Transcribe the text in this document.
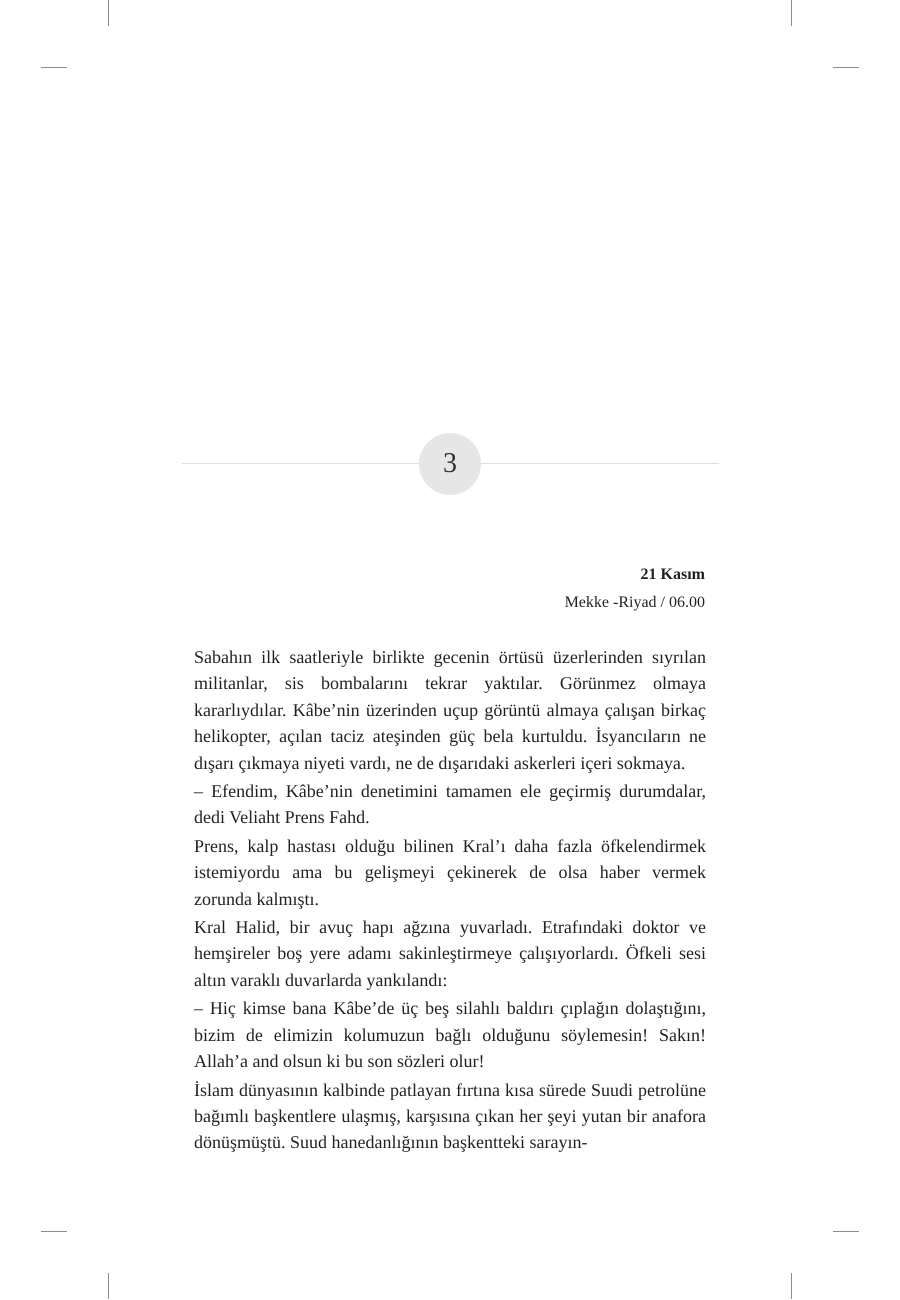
3
21 Kasım
Mekke -Riyad / 06.00

Sabahın ilk saatleriyle birlikte gecenin örtüsü üzerlerinden sıyrılan militanlar, sis bombalarını tekrar yaktılar. Görünmez olmaya kararlıydılar. Kâbe’nin üzerinden uçup görüntü almaya çalışan birkaç helikopter, açılan taciz ateşinden güç bela kurtuldu. İsyancıların ne dışarı çıkmaya niyeti vardı, ne de dışarıdaki askerleri içeri sokmaya.

– Efendim, Kâbe’nin denetimini tamamen ele geçirmiş durumdalar, dedi Veliaht Prens Fahd.

Prens, kalp hastası olduğu bilinen Kral’ı daha fazla öfkelendirmek istemiyordu ama bu gelişmeyi çekinerek de olsa haber vermek zorunda kalmıştı.

Kral Halid, bir avuç hapı ağzına yuvarladı. Etrafındaki doktor ve hemşireler boş yere adamı sakinleştirmeye çalışıyorlardı. Öfkeli sesi altın varaklı duvarlarda yankılandı:

– Hiç kimse bana Kâbe’de üç beş silahlı baldırı çıplağın dolaştığını, bizim de elimizin kolumuzun bağlı olduğunu söylemesin! Sakın! Allah’a and olsun ki bu son sözleri olur!

İslam dünyasının kalbinde patlayan fırtına kısa sürede Suudi petrolüne bağımlı başkentlere ulaşmış, karşısına çıkan her şeyi yutan bir anafora dönüşmüştü. Suud hanedanlığının başkentteki sarayın-
